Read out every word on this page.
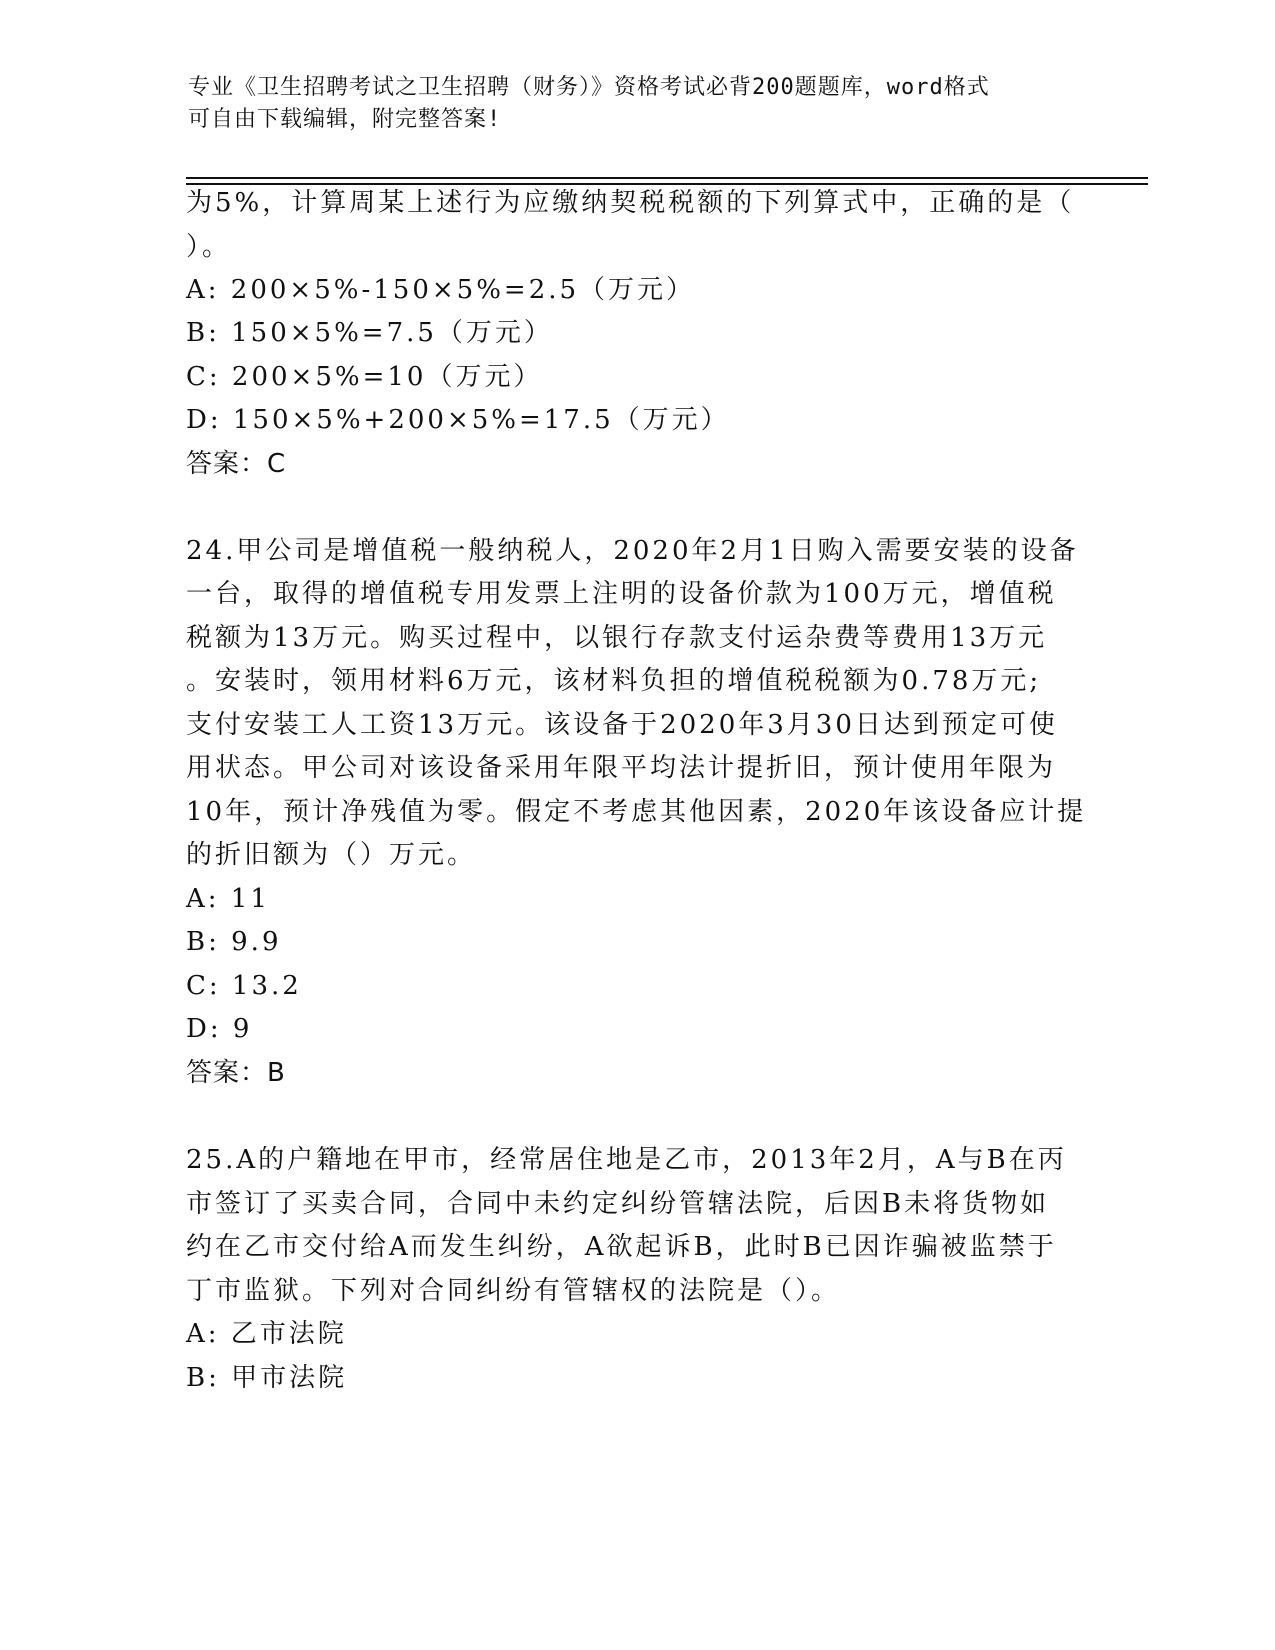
专业《卫生招聘考试之卫生招聘（财务）》资格考试必背200题题库，word格式
可自由下载编辑，附完整答案!
为5%，计算周某上述行为应缴纳契税税额的下列算式中，正确的是（
）。
A: 200×5%-150×5%=2.5（万元）
B: 150×5%=7.5（万元）
C: 200×5%=10（万元）
D: 150×5%+200×5%=17.5（万元）
答案：C
24.甲公司是增值税一般纳税人，2020年2月1日购入需要安装的设备
一台，取得的增值税专用发票上注明的设备价款为100万元，增值税
税额为13万元。购买过程中，以银行存款支付运杂费等费用13万元
。安装时，领用材料6万元，该材料负担的增值税税额为0.78万元;
支付安装工人工资13万元。该设备于2020年3月30日达到预定可使
用状态。甲公司对该设备采用年限平均法计提折旧，预计使用年限为
10年，预计净残值为零。假定不考虑其他因素，2020年该设备应计提
的折旧额为（）万元。
A: 11
B: 9.9
C: 13.2
D: 9
答案：B
25.A的户籍地在甲市，经常居住地是乙市，2013年2月，A与B在丙
市签订了买卖合同，合同中未约定纠纷管辖法院，后因B未将货物如
约在乙市交付给A而发生纠纷，A欲起诉B，此时B已因诈骗被监禁于
丁市监狱。下列对合同纠纷有管辖权的法院是（）。
A: 乙市法院
B: 甲市法院
